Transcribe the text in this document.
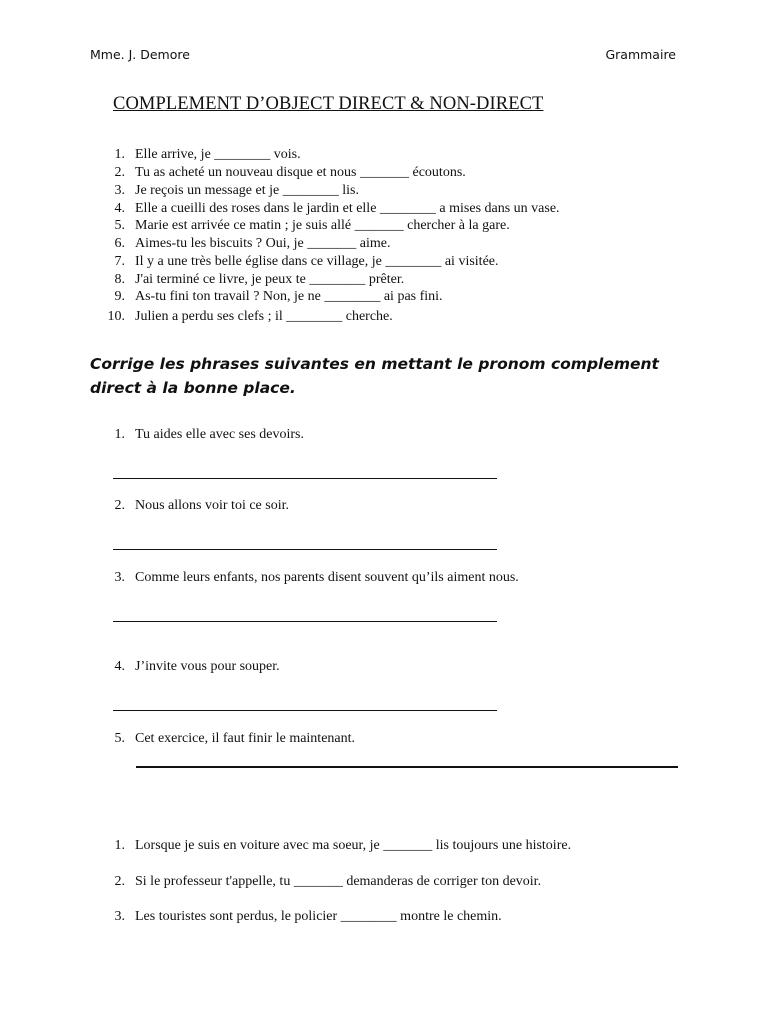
Mme. J. Demore	Grammaire
COMPLEMENT D’OBJECT DIRECT & NON-DIRECT
1. Elle arrive, je ________ vois.
2. Tu as acheté un nouveau disque et nous _______ écoutons.
3. Je reçois un message et je ________ lis.
4. Elle a cueilli des roses dans le jardin et elle ________ a mises dans un vase.
5. Marie est arrivée ce matin ; je suis allé _______ chercher à la gare.
6. Aimes-tu les biscuits ? Oui, je _______ aime.
7. Il y a une très belle église dans ce village, je ________ ai visitée.
8. J'ai terminé ce livre, je peux te ________ prêter.
9. As-tu fini ton travail ? Non, je ne ________ ai pas fini.
10. Julien a perdu ses clefs ; il ________ cherche.
Corrige les phrases suivantes en mettant le pronom complement direct à la bonne place.
1. Tu aides elle avec ses devoirs.
2. Nous allons voir toi ce soir.
3. Comme leurs enfants, nos parents disent souvent qu’ils aiment nous.
4. J’invite vous pour souper.
5. Cet exercice, il faut finir le maintenant.
1. Lorsque je suis en voiture avec ma soeur, je _______ lis toujours une histoire.
2. Si le professeur t'appelle, tu _______ demanderas de corriger ton devoir.
3. Les touristes sont perdus, le policier ________ montre le chemin.
